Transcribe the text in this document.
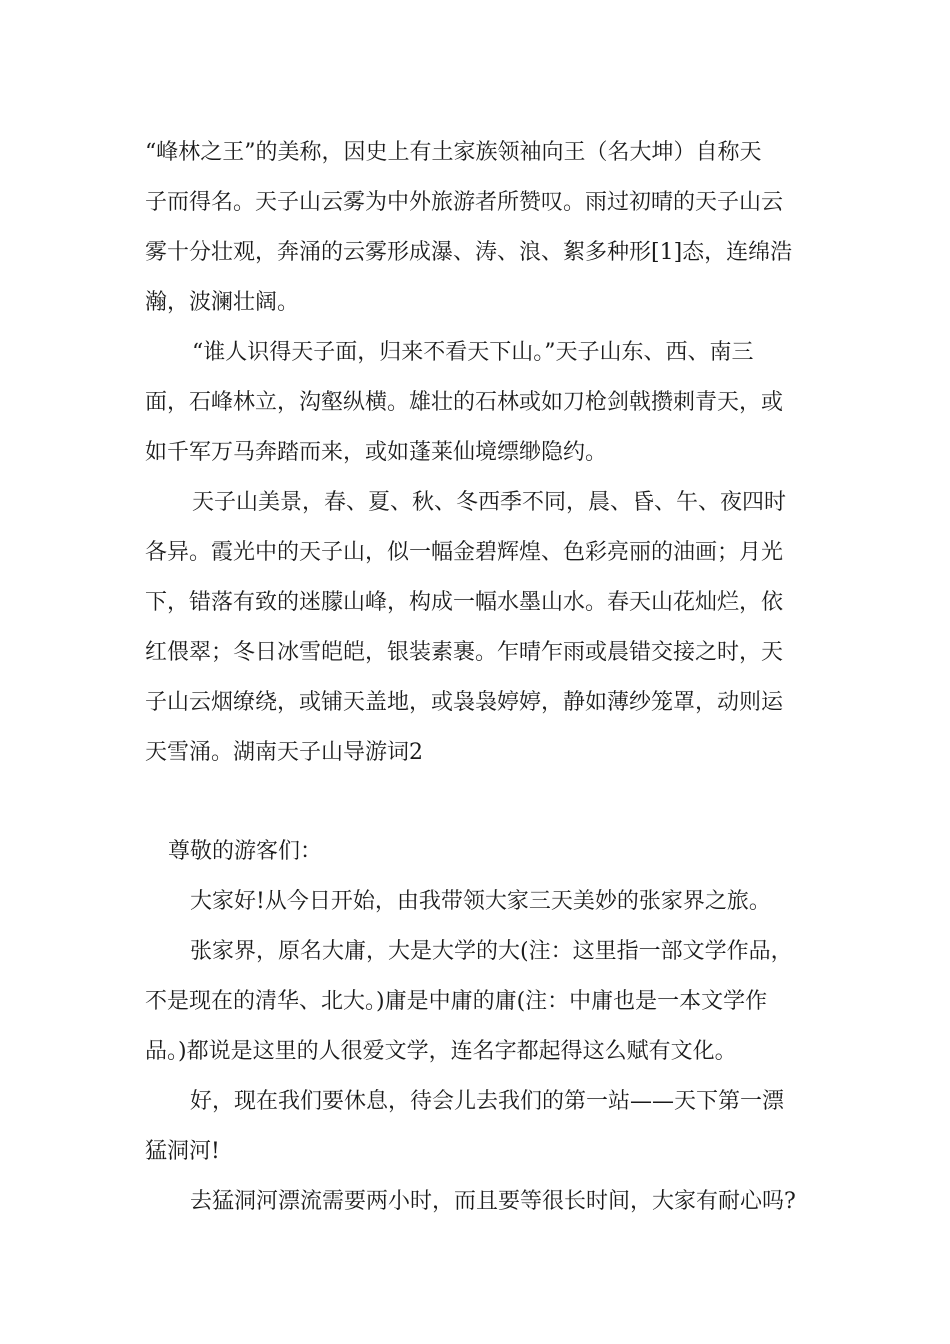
“峰林之王”的美称，因史上有土家族领袖向王（名大坤）自称天

子而得名。天子山云雾为中外旅游者所赞叹。雨过初晴的天子山云

雾十分壮观，奔涌的云雾形成瀑、涛、浪、絮多种形[1]态，连绵浩

瀚，波澜壮阔。

“谁人识得天子面，归来不看天下山。”天子山东、西、南三

面，石峰林立，沟壑纵横。雄壮的石林或如刀枪剑戟攒刺青天，或

如千军万马奔踏而来，或如蓬莱仙境缥缈隐约。

天子山美景，春、夏、秋、冬西季不同，晨、昏、午、夜四时

各异。霞光中的天子山，似一幅金碧辉煌、色彩亮丽的油画；月光

下，错落有致的迷朦山峰，构成一幅水墨山水。春天山花灿烂，依

红偎翠；冬日冰雪皑皑，银装素裹。乍晴乍雨或晨错交接之时，天

子山云烟缭绕，或铺天盖地，或袅袅婷婷，静如薄纱笼罩，动则运

天雪涌。湖南天子山导游词2

尊敬的游客们：

大家好!从今日开始，由我带领大家三天美妙的张家界之旅。

张家界，原名大庸，大是大学的大(注：这里指一部文学作品，

不是现在的清华、北大。)庸是中庸的庸(注：中庸也是一本文学作

品。)都说是这里的人很爱文学，连名字都起得这么赋有文化。

好，现在我们要休息，待会儿去我们的第一站——天下第一漂

猛洞河!

去猛洞河漂流需要两小时，而且要等很长时间，大家有耐心吗?
